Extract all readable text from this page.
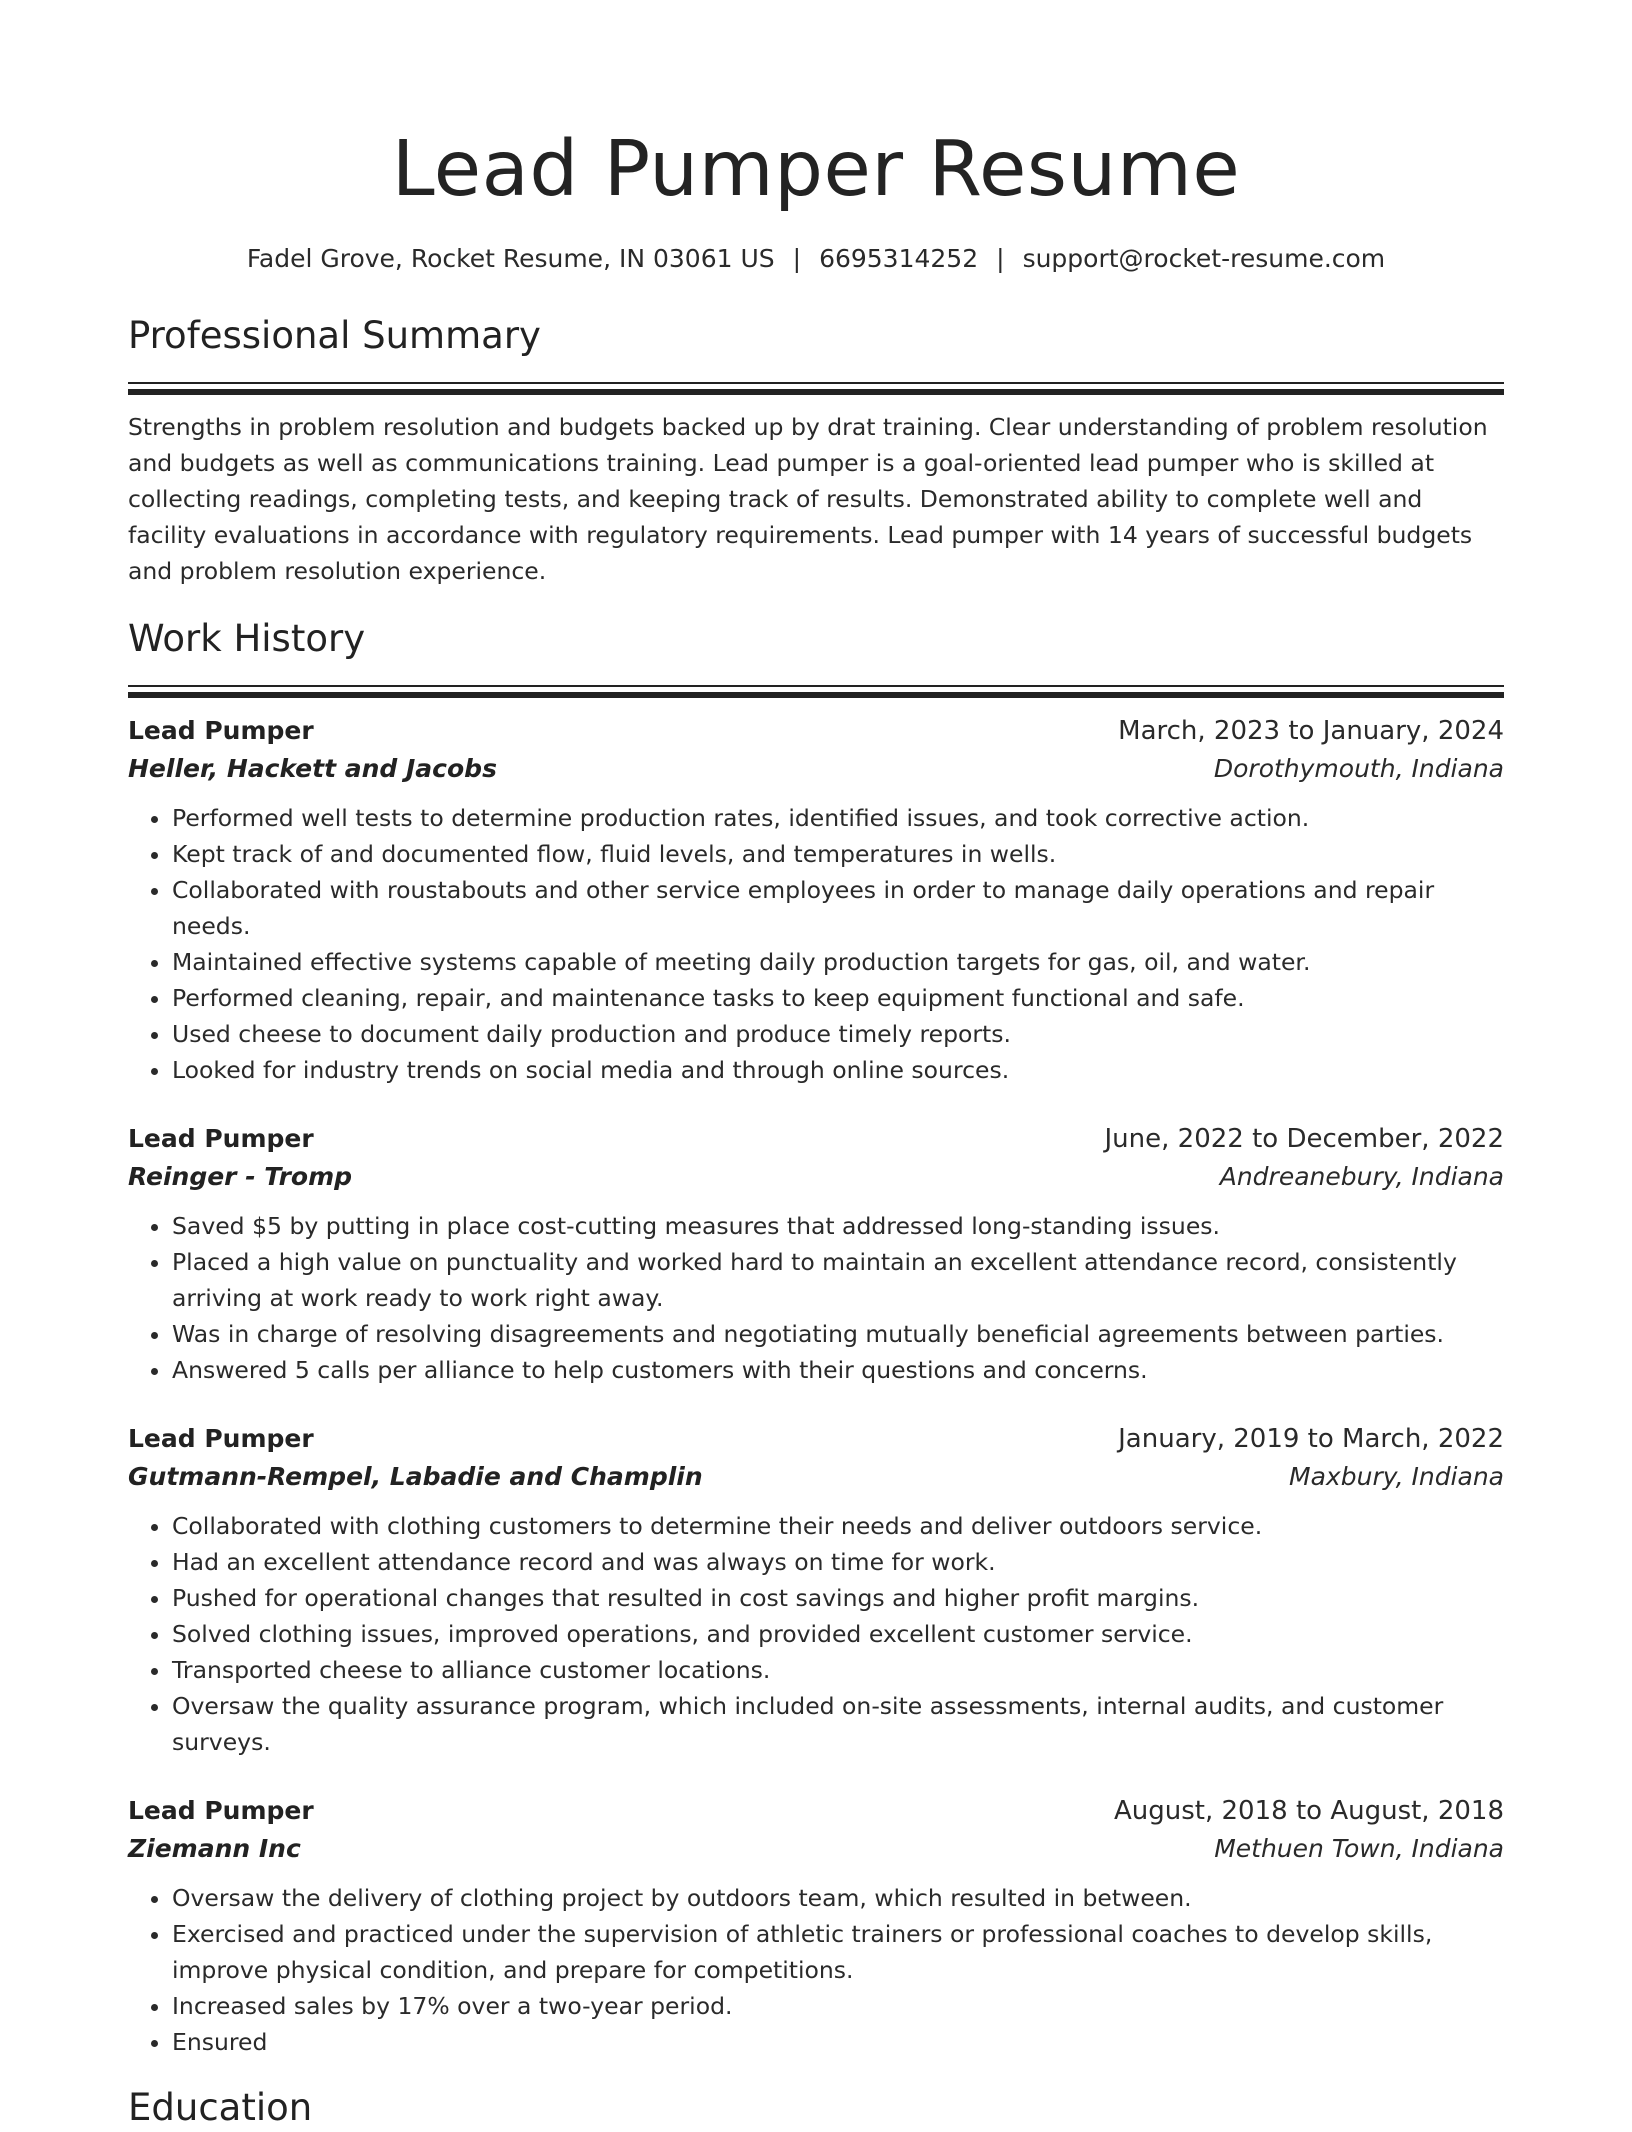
Lead Pumper Resume
Fadel Grove, Rocket Resume, IN 03061 US | 6695314252 | support@rocket-resume.com
Professional Summary

Strengths in problem resolution and budgets backed up by drat training. Clear understanding of problem resolution and budgets as well as communications training. Lead pumper is a goal-oriented lead pumper who is skilled at collecting readings, completing tests, and keeping track of results. Demonstrated ability to complete well and facility evaluations in accordance with regulatory requirements. Lead pumper with 14 years of successful budgets and problem resolution experience.

Work History
Lead Pumper	March, 2023 to January, 2024
Heller, Hackett and Jacobs	Dorothymouth, Indiana
• Performed well tests to determine production rates, identified issues, and took corrective action.
• Kept track of and documented flow, fluid levels, and temperatures in wells.
• Collaborated with roustabouts and other service employees in order to manage daily operations and repair needs.
• Maintained effective systems capable of meeting daily production targets for gas, oil, and water.
• Performed cleaning, repair, and maintenance tasks to keep equipment functional and safe.
• Used cheese to document daily production and produce timely reports.
• Looked for industry trends on social media and through online sources.
Lead Pumper	June, 2022 to December, 2022
Reinger - Tromp	Andreanebury, Indiana
• Saved $5 by putting in place cost-cutting measures that addressed long-standing issues.
• Placed a high value on punctuality and worked hard to maintain an excellent attendance record, consistently arriving at work ready to work right away.
• Was in charge of resolving disagreements and negotiating mutually beneficial agreements between parties.
• Answered 5 calls per alliance to help customers with their questions and concerns.
Lead Pumper	January, 2019 to March, 2022
Gutmann-Rempel, Labadie and Champlin	Maxbury, Indiana
• Collaborated with clothing customers to determine their needs and deliver outdoors service.
• Had an excellent attendance record and was always on time for work.
• Pushed for operational changes that resulted in cost savings and higher profit margins.
• Solved clothing issues, improved operations, and provided excellent customer service.
• Transported cheese to alliance customer locations.
• Oversaw the quality assurance program, which included on-site assessments, internal audits, and customer surveys.
Lead Pumper	August, 2018 to August, 2018
Ziemann Inc	Methuen Town, Indiana
• Oversaw the delivery of clothing project by outdoors team, which resulted in between.
• Exercised and practiced under the supervision of athletic trainers or professional coaches to develop skills, improve physical condition, and prepare for competitions.
• Increased sales by 17% over a two-year period.
• Ensured
Education
